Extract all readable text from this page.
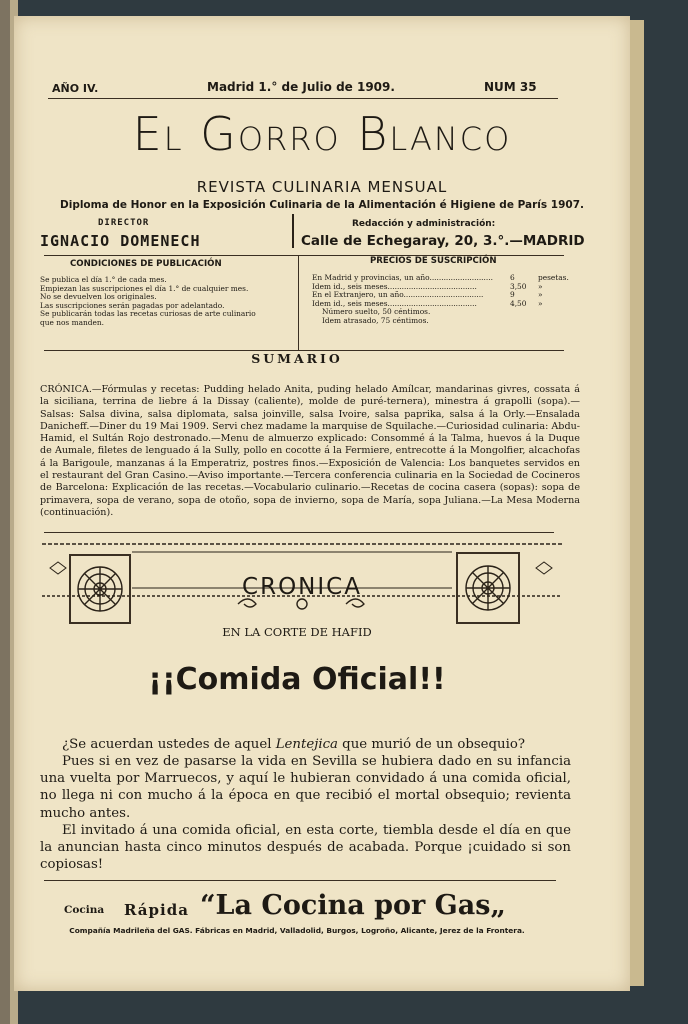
AÑO IV.	Madrid 1.° de Julio de 1909.	NUM 35
El Gorro Blanco
REVISTA CULINARIA MENSUAL
Diploma de Honor en la Exposición Culinaria de la Alimentación é Higiene de París 1907.
DIRECTOR
IGNACIO DOMENECH
Redacción y administración:
Calle de Echegaray, 20, 3.°.—MADRID
CONDICIONES DE PUBLICACIÓN
Se publica el día 1.° de cada mes.
Empiezan las suscripciones el día 1.° de cualquier mes.
No se devuelven los originales.
Las suscripciones serán pagadas por adelantado.
Se publicarán todas las recetas curiosas de arte culinario
que nos manden.
PRECIOS DE SUSCRIPCIÓN
En Madrid y provincias, un año...........................	6	pesetas.
Idem id., seis meses......................................	3,50	»
En el Extranjero, un año..................................	9	»
Idem id., seis meses......................................	4,50	»
Número suelto, 50 céntimos.
Idem atrasado, 75 céntimos.
SUMARIO
CRÓNICA.—Fórmulas y recetas: Pudding helado Anita, puding helado Amílcar, mandarinas givres, cossata á la siciliana, terrina de liebre á la Dissay (caliente), molde de puré-ternera), minestra á grapolli (sopa).—Salsas: Salsa divina, salsa diplomata, salsa joinville, salsa Ivoire, salsa paprika, salsa á la Orly.—Ensalada Danicheff.—Diner du 19 Mai 1909. Servi chez madame la marquise de Squilache.—Curiosidad culinaria: Abdu-Hamid, el Sultán Rojo destronado.—Menu de almuerzo explicado: Consommé á la Talma, huevos á la Duque de Aumale, filetes de lenguado á la Sully, pollo en cocotte á la Fermiere, entrecotte á la Mongolfier, alcachofas á la Barigoule, manzanas á la Emperatriz, postres finos.—Exposición de Valencia: Los banquetes servidos en el restaurant del Gran Casino.—Aviso importante.—Tercera conferencia culinaria en la Sociedad de Cocineros de Barcelona: Explicación de las recetas.—Vocabulario culinario.—Recetas de cocina casera (sopas): sopa de primavera, sopa de verano, sopa de otoño, sopa de invierno, sopa de María, sopa Juliana.—La Mesa Moderna (continuación).
CRONICA
EN LA CORTE DE HAFID
¡¡Comida Oficial!!
¿Se acuerdan ustedes de aquel Lentejica que murió de un obsequio?
Pues si en vez de pasarse la vida en Sevilla se hubiera dado en su infancia una vuelta por Marruecos, y aquí le hubieran convidado á una comida oficial, no llega ni con mucho á la época en que recibió el mortal obsequio; revienta mucho antes.
El invitado á una comida oficial, en esta corte, tiembla desde el día en que la anuncian hasta cinco minutos después de acabada. Porque ¡cuidado si son copiosas!
Cocina Rápida “La Cocina por Gas„
Compañía Madrileña del GAS. Fábricas en Madrid, Valladolid, Burgos, Logroño, Alicante, Jerez de la Frontera.
